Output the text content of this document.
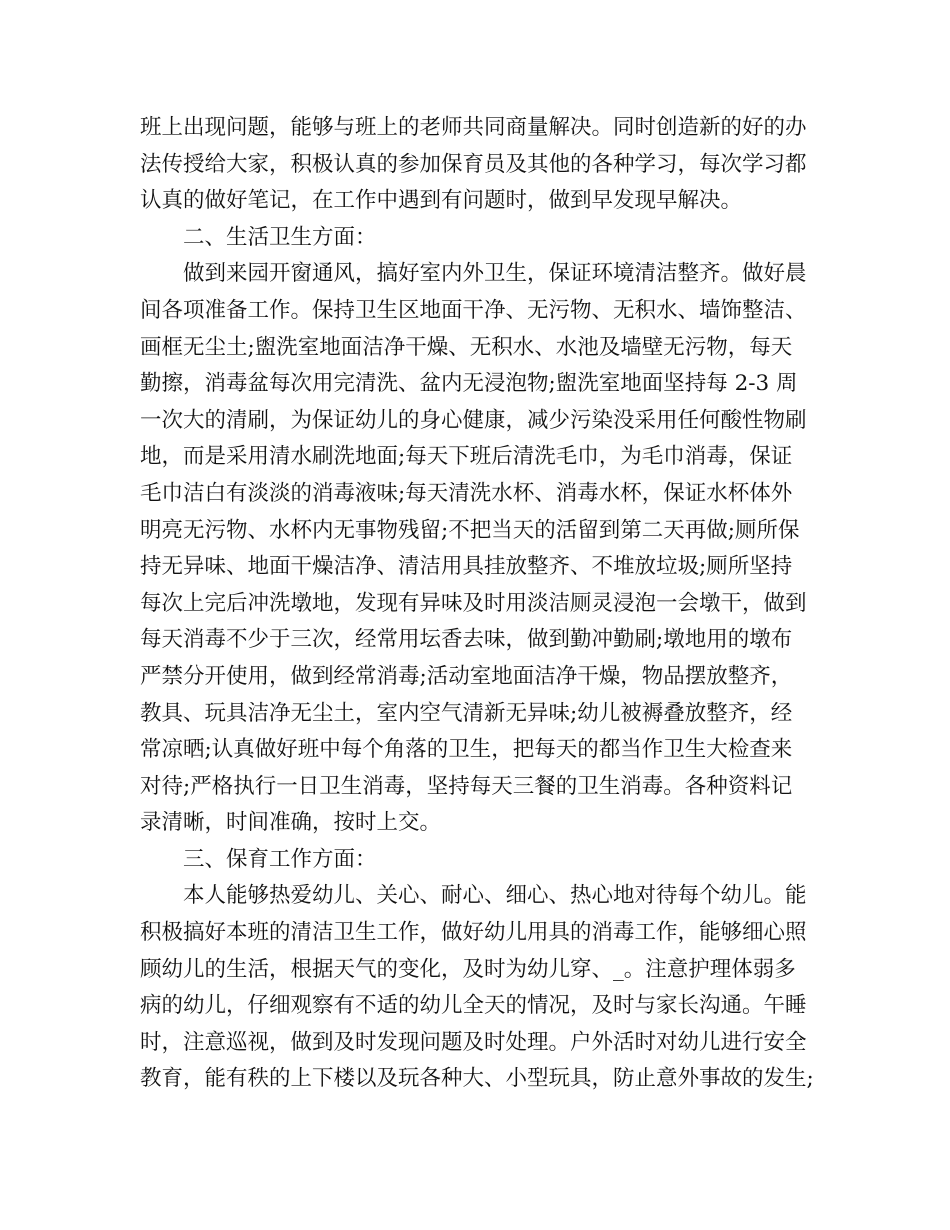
班上出现问题，能够与班上的老师共同商量解决。同时创造新的好的办
法传授给大家，积极认真的参加保育员及其他的各种学习，每次学习都
认真的做好笔记，在工作中遇到有问题时，做到早发现早解决。
二、生活卫生方面：
做到来园开窗通风，搞好室内外卫生，保证环境清洁整齐。做好晨
间各项准备工作。保持卫生区地面干净、无污物、无积水、墙饰整洁、
画框无尘土;盥洗室地面洁净干燥、无积水、水池及墙壁无污物，每天
勤擦，消毒盆每次用完清洗、盆内无浸泡物;盥洗室地面坚持每 2-3 周
一次大的清刷，为保证幼儿的身心健康，减少污染没采用任何酸性物刷
地，而是采用清水刷洗地面;每天下班后清洗毛巾，为毛巾消毒，保证
毛巾洁白有淡淡的消毒液味;每天清洗水杯、消毒水杯，保证水杯体外
明亮无污物、水杯内无事物残留;不把当天的活留到第二天再做;厕所保
持无异味、地面干燥洁净、清洁用具挂放整齐、不堆放垃圾;厕所坚持
每次上完后冲洗墩地，发现有异味及时用淡洁厕灵浸泡一会墩干，做到
每天消毒不少于三次，经常用坛香去味，做到勤冲勤刷;墩地用的墩布
严禁分开使用，做到经常消毒;活动室地面洁净干燥，物品摆放整齐，
教具、玩具洁净无尘土，室内空气清新无异味;幼儿被褥叠放整齐，经
常凉晒;认真做好班中每个角落的卫生，把每天的都当作卫生大检查来
对待;严格执行一日卫生消毒，坚持每天三餐的卫生消毒。各种资料记
录清晰，时间准确，按时上交。
三、保育工作方面：
本人能够热爱幼儿、关心、耐心、细心、热心地对待每个幼儿。能
积极搞好本班的清洁卫生工作，做好幼儿用具的消毒工作，能够细心照
顾幼儿的生活，根据天气的变化，及时为幼儿穿、_。注意护理体弱多
病的幼儿，仔细观察有不适的幼儿全天的情况，及时与家长沟通。午睡
时，注意巡视，做到及时发现问题及时处理。户外活时对幼儿进行安全
教育，能有秩的上下楼以及玩各种大、小型玩具，防止意外事故的发生;
